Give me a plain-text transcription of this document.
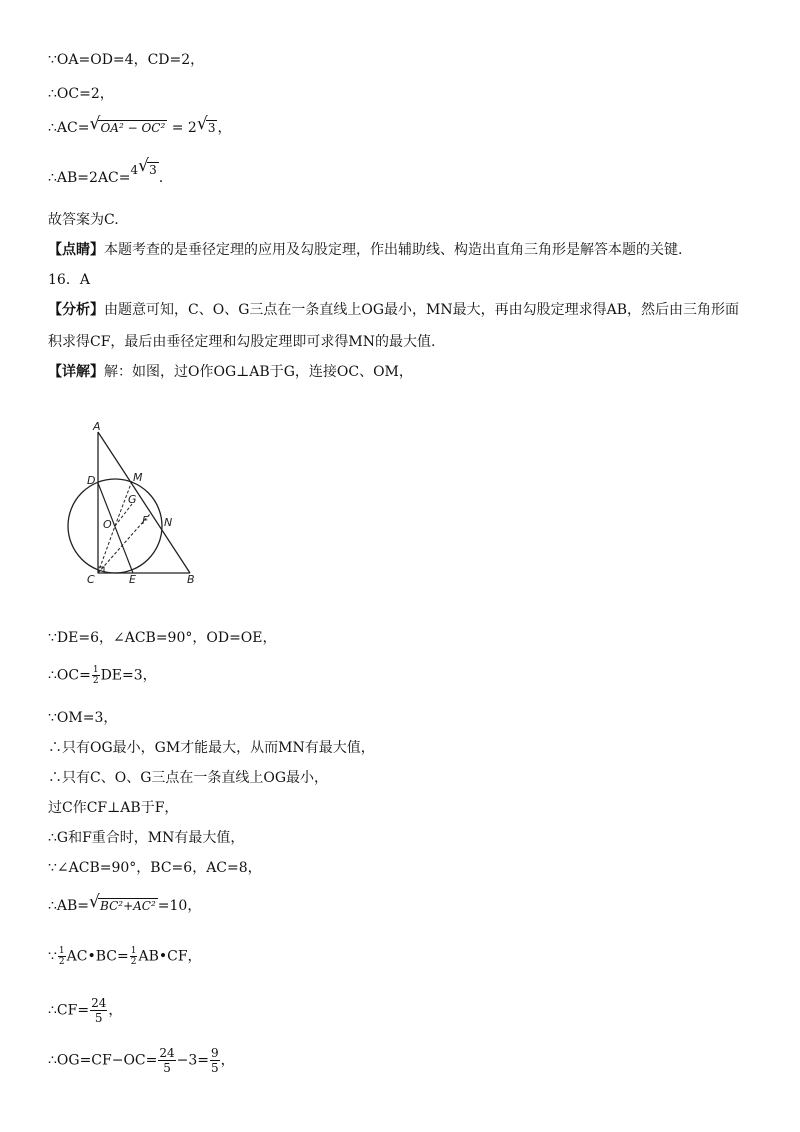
∵OA=OD=4，CD=2，
∴OC=2，
∴AC= √ OA² − OC² = 2 √ 3 ，
∴AB=2AC=4 √ 3 .
故答案为C.
【点睛】本题考查的是垂径定理的应用及勾股定理，作出辅助线、构造出直角三角形是解答本题的关键.
16．A
【分析】由题意可知，C、O、G三点在一条直线上OG最小，MN最大，再由勾股定理求得AB，然后由三角形面
积求得CF，最后由垂径定理和勾股定理即可求得MN的最大值.
【详解】解：如图，过O作OG⊥AB于G，连接OC、OM，
A
D	M
G
O	F N
C	E	B
∵DE=6，∠ACB=90°，OD=OE，
∴OC= $\frac{1}{2} DE=3$，
∵OM=3，
∴只有OG最小，GM才能最大，从而MN有最大值，
∴只有C、O、G三点在一条直线上OG最小，
过C作CF⊥AB于F，
∴G和F重合时，MN有最大值，
∵∠ACB=90°，BC=6，AC=8，
∴AB= √ BC²+AC² =10，
∵ $\frac{1}{2}$ AC•BC= $\frac{1}{2}$ AB•CF，
∴CF= $\frac{24}{5}$ ，
∴OG=CF−OC= $\frac{24}{5} -3= \frac{9}{5}$ ，
